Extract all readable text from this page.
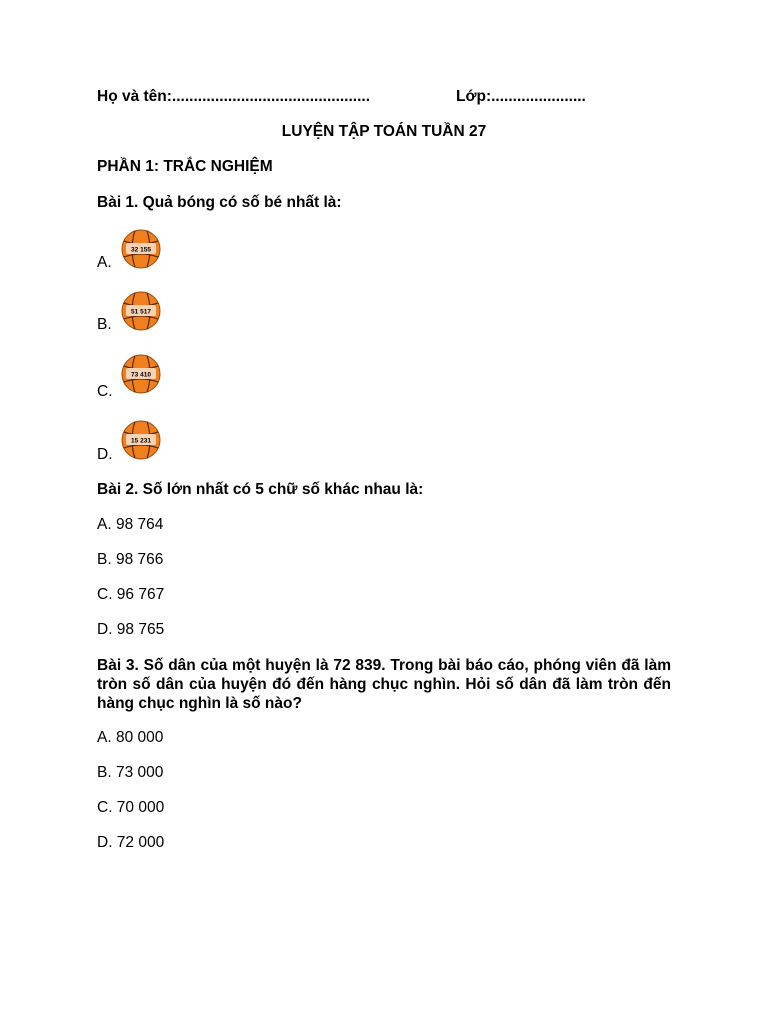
Họ và tên:..............................................	Lớp:......................
LUYỆN TẬP TOÁN TUẦN 27
PHẦN 1: TRẮC NGHIỆM
Bài 1. Quả bóng có số bé nhất là:
A.
32 155
B.
51 517
C.
73 410
D.
15 231
Bài 2. Số lớn nhất có 5 chữ số khác nhau là:
A. 98 764
B. 98 766
C. 96 767
D. 98 765
Bài 3. Số dân của một huyện là 72 839. Trong bài báo cáo, phóng viên đã làm tròn số dân của huyện đó đến hàng chục nghìn. Hỏi số dân đã làm tròn đến hàng chục nghìn là số nào?
A. 80 000
B. 73 000
C. 70 000
D. 72 000
